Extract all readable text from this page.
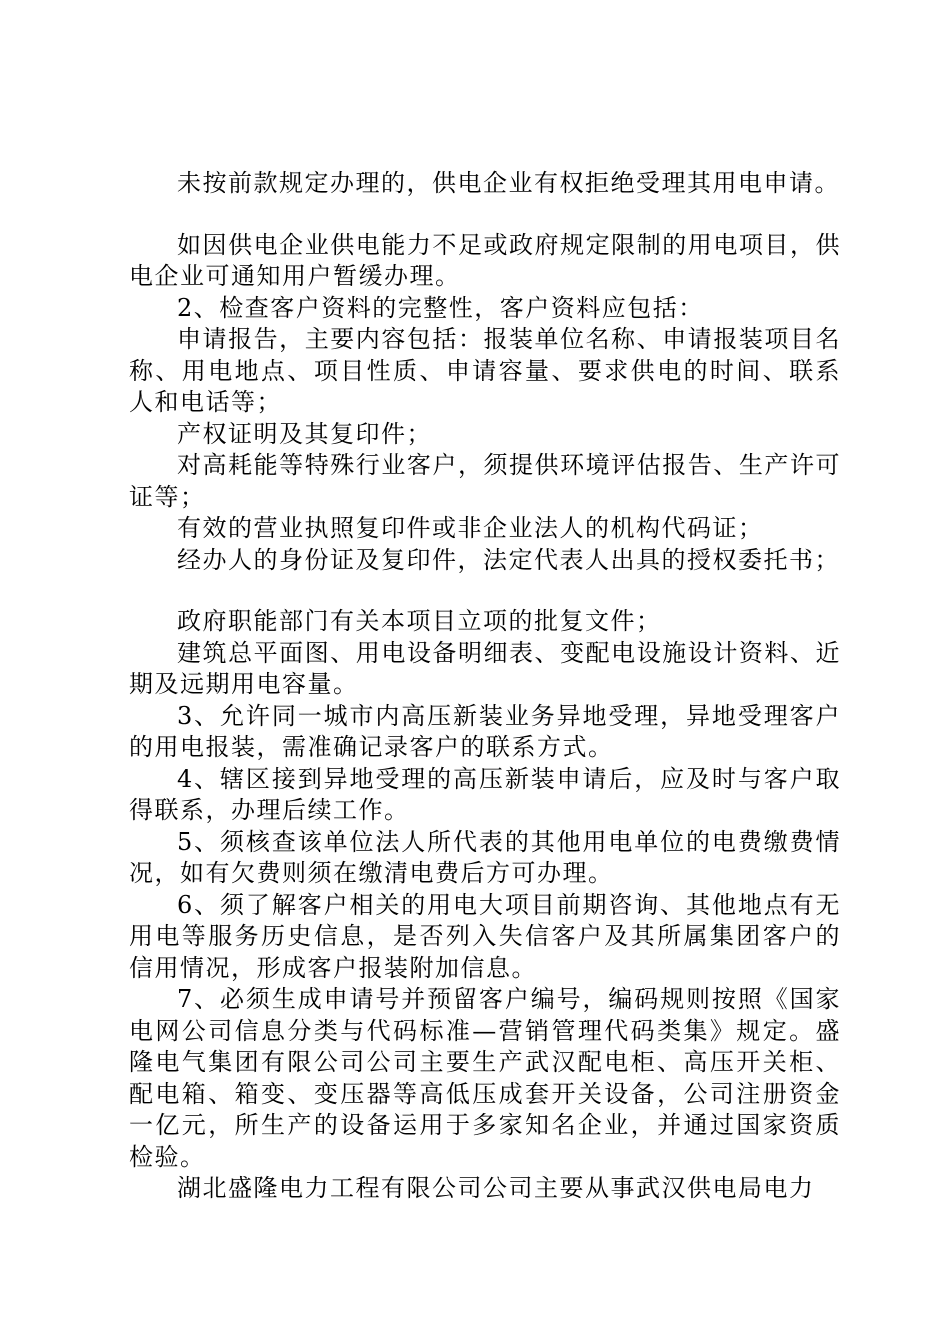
未按前款规定办理的，供电企业有权拒绝受理其用电申请。

如因供电企业供电能力不足或政府规定限制的用电项目，供电企业可通知用户暂缓办理。

2、检查客户资料的完整性，客户资料应包括：

申请报告，主要内容包括：报装单位名称、申请报装项目名称、用电地点、项目性质、申请容量、要求供电的时间、联系人和电话等；

产权证明及其复印件；

对高耗能等特殊行业客户，须提供环境评估报告、生产许可证等；

有效的营业执照复印件或非企业法人的机构代码证；

经办人的身份证及复印件，法定代表人出具的授权委托书；

政府职能部门有关本项目立项的批复文件；

建筑总平面图、用电设备明细表、变配电设施设计资料、近期及远期用电容量。

3、允许同一城市内高压新装业务异地受理，异地受理客户的用电报装，需准确记录客户的联系方式。

4、辖区接到异地受理的高压新装申请后，应及时与客户取得联系，办理后续工作。

5、须核查该单位法人所代表的其他用电单位的电费缴费情况，如有欠费则须在缴清电费后方可办理。

6、须了解客户相关的用电大项目前期咨询、其他地点有无用电等服务历史信息，是否列入失信客户及其所属集团客户的信用情况，形成客户报装附加信息。

7、必须生成申请号并预留客户编号，编码规则按照《国家电网公司信息分类与代码标准—营销管理代码类集》规定。盛隆电气集团有限公司公司主要生产武汉配电柜、高压开关柜、配电箱、箱变、变压器等高低压成套开关设备，公司注册资金一亿元，所生产的设备运用于多家知名企业，并通过国家资质检验。

湖北盛隆电力工程有限公司公司主要从事武汉供电局电力
